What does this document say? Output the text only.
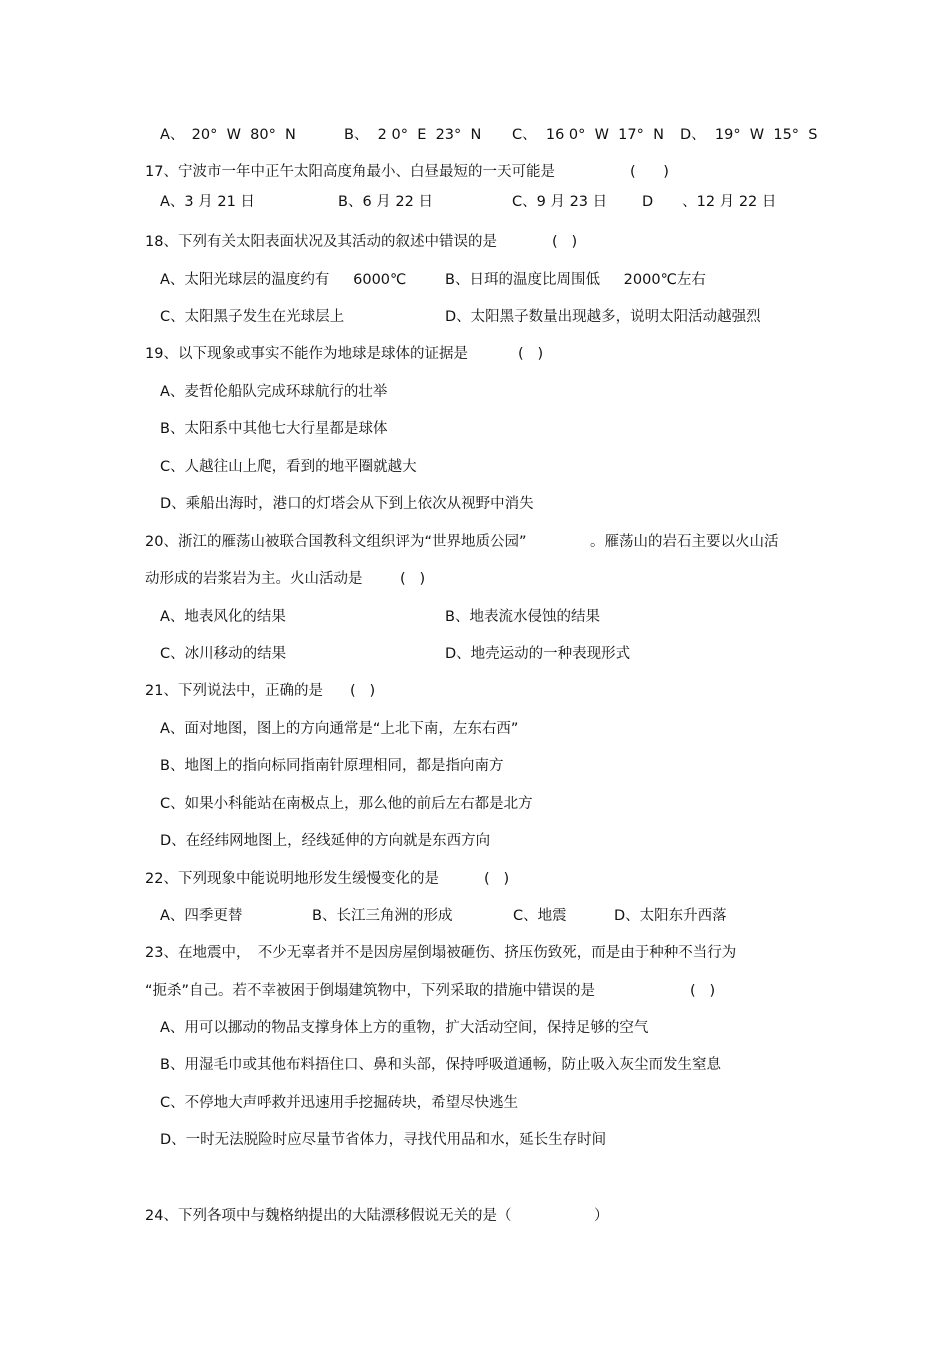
A、　20°  W  80°  N	B、  2 0°  E  23°  N C、  16 0°  W  17°  N D、  19°  W  15°  S
17、宁波市一年中正午太阳高度角最小、白昼最短的一天可能是	(      )
A、3 月 21 日	B、6 月 22 日	C、9 月 23 日 D　　、12 月 22 日
18、下列有关太阳表面状况及其活动的叙述中错误的是	(   )
A、太阳光球层的温度约有　  6000℃	B、日珥的温度比周围低　  2000℃左右
C、太阳黑子发生在光球层上	D、太阳黑子数量出现越多，说明太阳活动越强烈
19、以下现象或事实不能作为地球是球体的证据是	(   )
A、麦哲伦船队完成环球航行的壮举
B、太阳系中其他七大行星都是球体
C、人越往山上爬，看到的地平圈就越大
D、乘船出海时，港口的灯塔会从下到上依次从视野中消失
20、浙江的雁荡山被联合国教科文组织评为“世界地质公园”	。雁荡山的岩石主要以火山活
动形成的岩浆岩为主。火山活动是	(   )
A、地表风化的结果	B、地表流水侵蚀的结果
C、冰川移动的结果	D、地壳运动的一种表现形式
21、下列说法中，正确的是 (   )
A、面对地图，图上的方向通常是“上北下南，左东右西”
B、地图上的指向标同指南针原理相同，都是指向南方
C、如果小科能站在南极点上，那么他的前后左右都是北方
D、在经纬网地图上，经线延伸的方向就是东西方向
22、下列现象中能说明地形发生缓慢变化的是	(   )
A、四季更替	B、长江三角洲的形成	C、地震	D、太阳东升西落
23、在地震中，　不少无辜者并不是因房屋倒塌被砸伤、挤压伤致死，而是由于种种不当行为
“扼杀”自己。若不幸被困于倒塌建筑物中，下列采取的措施中错误的是	(   )
A、用可以挪动的物品支撑身体上方的重物，扩大活动空间，保持足够的空气
B、用湿毛巾或其他布料捂住口、鼻和头部，保持呼吸道通畅，防止吸入灰尘而发生窒息
C、不停地大声呼救并迅速用手挖掘砖块，希望尽快逃生
D、一时无法脱险时应尽量节省体力，寻找代用品和水，延长生存时间
24、下列各项中与魏格纳提出的大陆漂移假说无关的是（	）
